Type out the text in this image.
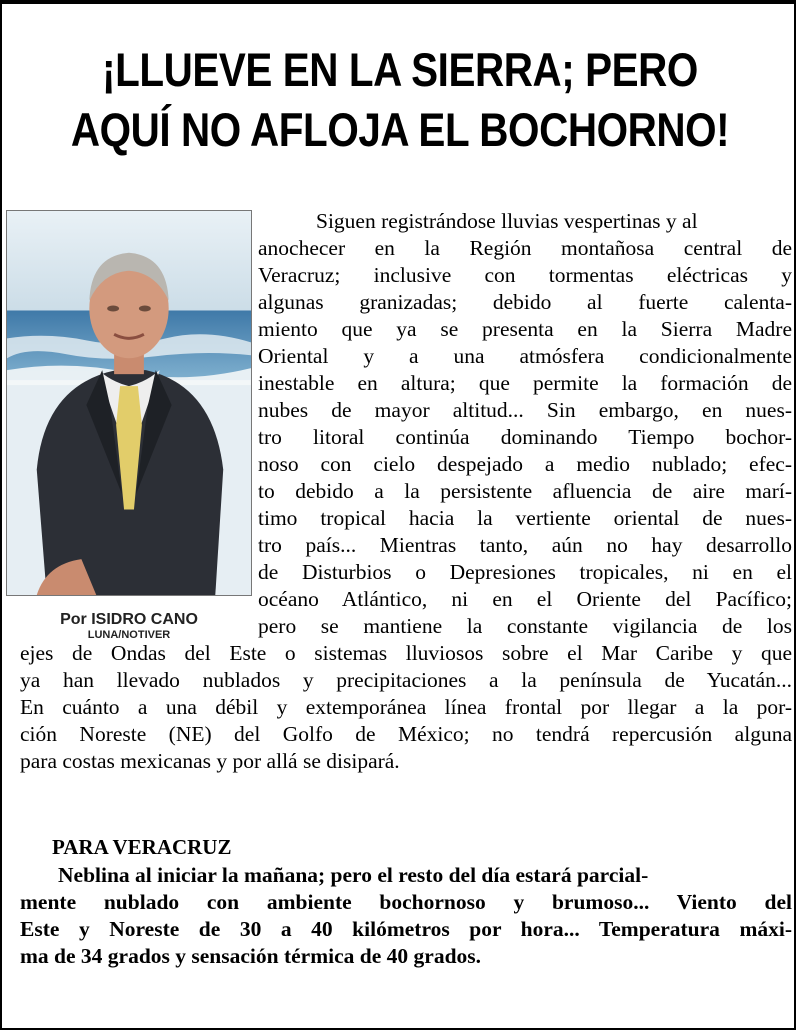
¡LLUEVE EN LA SIERRA; PERO
AQUÍ NO AFLOJA EL BOCHORNO!
Por ISIDRO CANO
LUNA/NOTIVER
Siguen registrándose lluvias vespertinas y al
anochecer en la Región montañosa central de
Veracruz; inclusive con tormentas eléctricas y
algunas granizadas; debido al fuerte calenta-
miento que ya se presenta en la Sierra Madre
Oriental y a una atmósfera condicionalmente
inestable en altura; que permite la formación de
nubes de mayor altitud... Sin embargo, en nues-
tro litoral continúa dominando Tiempo bochor-
noso con cielo despejado a medio nublado; efec-
to debido a la persistente afluencia de aire marí-
timo tropical hacia la vertiente oriental de nues-
tro país... Mientras tanto, aún no hay desarrollo
de Disturbios o Depresiones tropicales, ni en el
océano Atlántico, ni en el Oriente del Pacífico;
pero se mantiene la constante vigilancia de los
ejes de Ondas del Este o sistemas lluviosos sobre el Mar Caribe y que
ya han llevado nublados y precipitaciones a la península de Yucatán...
En cuánto a una débil y extemporánea línea frontal por llegar a la por-
ción Noreste (NE) del Golfo de México; no tendrá repercusión alguna
para costas mexicanas y por allá se disipará.
PARA VERACRUZ
Neblina al iniciar la mañana; pero el resto del día estará parcial-
mente nublado con ambiente bochornoso y brumoso... Viento del
Este y Noreste de 30 a 40 kilómetros por hora... Temperatura máxi-
ma de 34 grados y sensación térmica de 40 grados.
